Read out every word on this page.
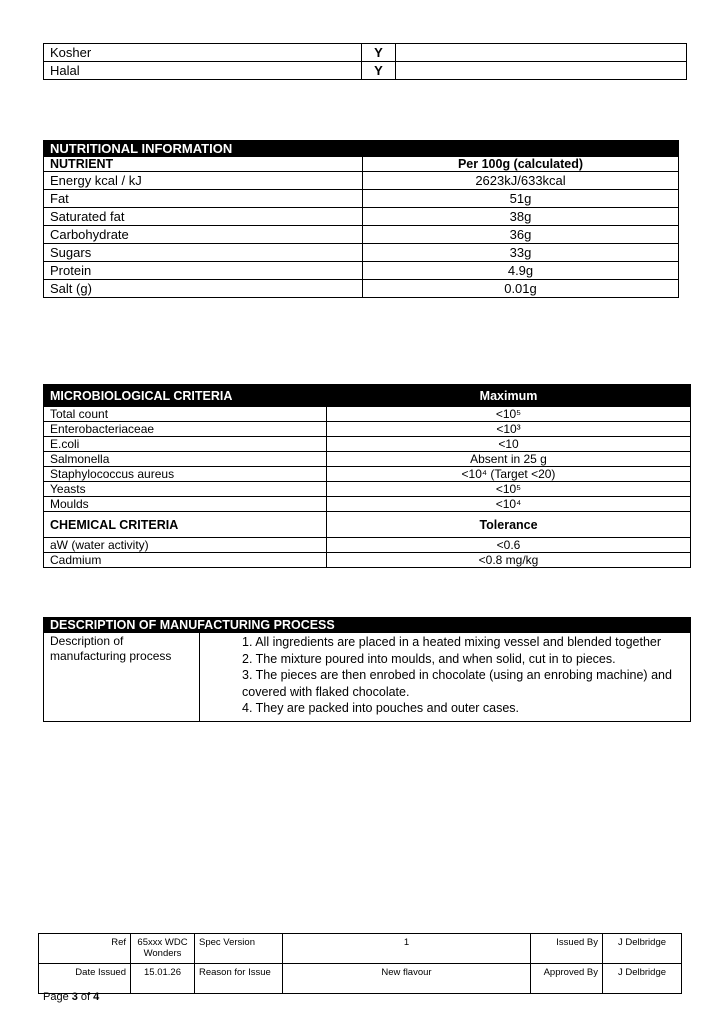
Kosher	Y	
Halal	Y	
NUTRITIONAL INFORMATION	
NUTRIENT	Per 100g (calculated)
Energy kcal / kJ	2623kJ/633kcal
Fat	51g
Saturated fat	38g
Carbohydrate	36g
Sugars	33g
Protein	4.9g
Salt (g)	0.01g
MICROBIOLOGICAL CRITERIA	Maximum
Total count	<10⁵
Enterobacteriaceae	<10³
E.coli	<10
Salmonella	Absent in 25 g
Staphylococcus aureus	<10⁴ (Target <20)
Yeasts	<10⁵
Moulds	<10⁴
CHEMICAL CRITERIA	Tolerance
aW (water activity)	<0.6
Cadmium	<0.8 mg/kg
DESCRIPTION OF MANUFACTURING PROCESS
Description of manufacturing process	
1. All ingredients are placed in a heated mixing vessel and blended together
2. The mixture poured into moulds, and when solid, cut in to pieces.
3. The pieces are then enrobed in chocolate (using an enrobing machine) and covered with flaked chocolate.
4. They are packed into pouches and outer cases.
Ref	65xxx WDC Wonders	Spec Version	1	Issued By	J Delbridge
Date Issued	15.01.26	Reason for Issue	New flavour	Approved By	J Delbridge
Page 3 of 4
